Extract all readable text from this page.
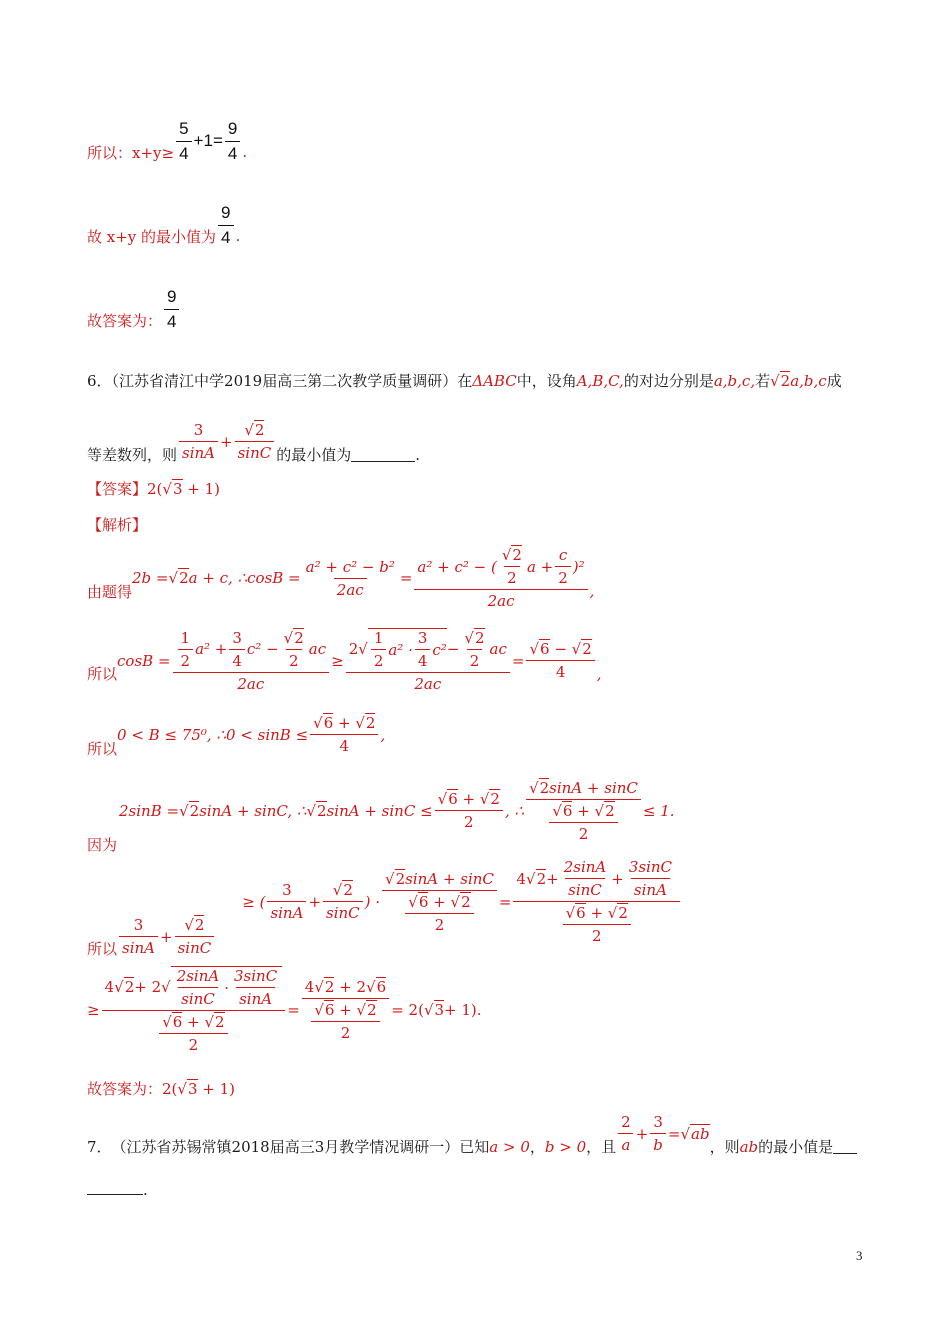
所以：$x+y\ge \frac{5}{4} +1 = \frac{9}{4}$ .
故 x+y 的最小值为 $\frac{9}{4}$ .
故答案为： $\frac{9}{4}$
6．（江苏省清江中学2019届高三第二次教学质量调研）在ΔABC中，设角A,B,C,的对边分别是a,b,c,若√2a,b,c成
等差数列，则 $\frac{3}{\sin A} + \frac{√2}{\sin C}$ 的最小值为	.
【答案】2(√3 + 1)
【解析】
由题得
2b = √2 a + c, ∴cosB = $\frac{\text{a² + c² − b²}}{2ac} = \frac{a^2 + c^2 - ( \frac{√2}{2} a + \frac{c}{2} )^2}{2ac}$ ,
所以
$\cos B = \frac{\frac{1}{2} a^2 + \frac{3}{4} c^2 - \frac{√2}{2} ac}{2ac}$ ≥
2 √ $\frac{1}{2} a^2 \cdot \frac{3}{4} c^2 - \frac{√2}{2}$ ac
2ac
= $\frac{√6 - √2}{4}$ ,
所以
0 < B ≤ 75⁰, ∴0 < $\sin B \le \frac{√6 + √2}{4}$ ,
因为
2sinB = √2 sinA + sinC, ∴ √2 $\sin A + \sin C \le \frac{√6 + √2}{2}$ , ∴ $\frac{√2\sin A + \sin C}{\frac{√6 + √2}{2}} \le 1$.
所以 $\frac{3}{\sin A} + \frac{√2}{\sin C}$
≥ ( $\frac{3}{\sin A} + \frac{√2}{\sin C}$ ) · $\frac{√2\sin A + \sin C}{\frac{√6 + √2}{2}}$ =
4 $√2 + \frac{2\sin A}{\sin C} + \frac{3\sin C}{\sin A}$
$\frac{√6 + √2}{2}$
≥
4 √2 + 2 √ $\frac{2\sin A}{\sin C} \cdot \frac{3\sin C}{\sin A}$
$\frac{√6 + √2}{2}$
= $\frac{4√2 + 2√6}{\frac{√6 + √2}{2}} = 2$( √3 + 1).
故答案为：2(√3 + 1)
7． （江苏省苏锡常镇2018届高三3月教学情况调研一） 已知 a > 0 ， b > 0 ，且 $\frac{2}{a} + \frac{3}{b} = √ab$
，则 ab 的最小值是
.
3
